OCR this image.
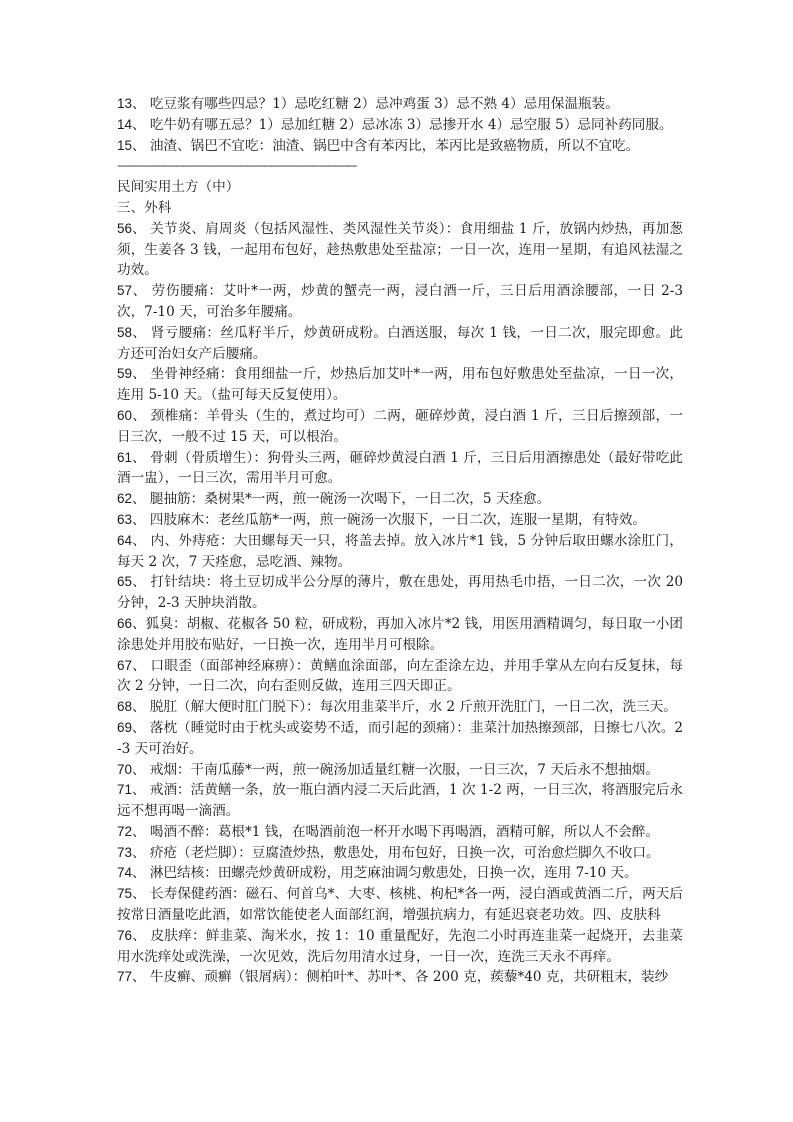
13、 吃豆浆有哪些四忌？1）忌吃红糖 2）忌冲鸡蛋 3）忌不熟 4）忌用保温瓶装。

14、 吃牛奶有哪五忌？1）忌加红糖 2）忌冰冻 3）忌掺开水 4）忌空服 5）忌同补药同服。

15、 油渣、锅巴不宜吃：油渣、锅巴中含有苯丙比，苯丙比是致癌物质，所以不宜吃。

———————————————————

民间实用土方（中）

三、外科

56、 关节炎、肩周炎（包括风湿性、类风湿性关节炎）：食用细盐 1 斤，放锅内炒热，再加葱须，生姜各 3 钱，一起用布包好，趁热敷患处至盐凉；一日一次，连用一星期，有追风祛湿之功效。

57、 劳伤腰痛：艾叶*一两，炒黄的蟹壳一两，浸白酒一斤，三日后用酒涂腰部，一日 2-3 次，7-10 天，可治多年腰痛。

58、 肾亏腰痛：丝瓜籽半斤，炒黄研成粉。白酒送服，每次 1 钱，一日二次，服完即愈。此方还可治妇女产后腰痛。

59、 坐骨神经痛：食用细盐一斤，炒热后加艾叶*一两，用布包好敷患处至盐凉，一日一次，连用 5-10 天。（盐可每天反复使用）。

60、 颈椎痛：羊骨头（生的，煮过均可）二两，砸碎炒黄，浸白酒 1 斤，三日后擦颈部，一日三次，一般不过 15 天，可以根治。

61、 骨刺（骨质增生）：狗骨头三两，砸碎炒黄浸白酒 1 斤，三日后用酒擦患处（最好带吃此酒一盅），一日三次，需用半月可愈。

62、 腿抽筋：桑树果*一两，煎一碗汤一次喝下，一日二次，5 天痊愈。

63、 四肢麻木：老丝瓜筋*一两，煎一碗汤一次服下，一日二次，连服一星期，有特效。

64、 内、外痔疮：大田螺每天一只，将盖去掉。放入冰片*1 钱，5 分钟后取田螺水涂肛门，每天 2 次，7 天痊愈，忌吃酒、辣物。

65、 打针结块：将土豆切成半公分厚的薄片，敷在患处，再用热毛巾捂，一日二次，一次 20 分钟，2-3 天肿块消散。

66、狐臭：胡椒、花椒各 50 粒，研成粉，再加入冰片*2 钱，用医用酒精调匀，每日取一小团涂患处并用胶布贴好，一日换一次，连用半月可根除。

67、 口眼歪（面部神经麻痹）：黄鳝血涂面部，向左歪涂左边，并用手掌从左向右反复抹，每次 2 分钟，一日二次，向右歪则反做，连用三四天即正。

68、 脱肛（解大便时肛门脱下）：每次用韭菜半斤，水 2 斤煎开洗肛门，一日二次，洗三天。

69、 落枕（睡觉时由于枕头或姿势不适，而引起的颈痛）：韭菜汁加热擦颈部，日擦七八次。2-3 天可治好。

70、 戒烟：干南瓜藤*一两，煎一碗汤加适量红糖一次服，一日三次，7 天后永不想抽烟。

71、 戒酒：活黄鳝一条，放一瓶白酒内浸二天后此酒，1 次 1-2 两，一日三次，将酒服完后永远不想再喝一滴酒。

72、 喝酒不醉：葛根*1 钱，在喝酒前泡一杯开水喝下再喝酒，酒精可解，所以人不会醉。

73、 疥疮（老烂脚）：豆腐渣炒热，敷患处，用布包好，日换一次，可治愈烂脚久不收口。

74、 淋巴结核：田螺壳炒黄研成粉，用芝麻油调匀敷患处，日换一次，连用 7-10 天。

75、 长寿保健药酒：磁石、何首乌*、大枣、核桃、枸杞*各一两，浸白酒或黄酒二斤，两天后按常日酒量吃此酒，如常饮能使老人面部红润，增强抗病力，有延迟衰老功效。四、皮肤科

76、 皮肤痒：鲜韭菜、淘米水，按 1：10 重量配好，先泡二小时再连韭菜一起烧开，去韭菜用水洗痒处或洗澡，一次见效，洗后勿用清水过身，一日一次，连洗三天永不再痒。

77、 牛皮癣、顽癣（银屑病）：侧柏叶*、苏叶*、各 200 克，蒺藜*40 克，共研粗末，装纱
